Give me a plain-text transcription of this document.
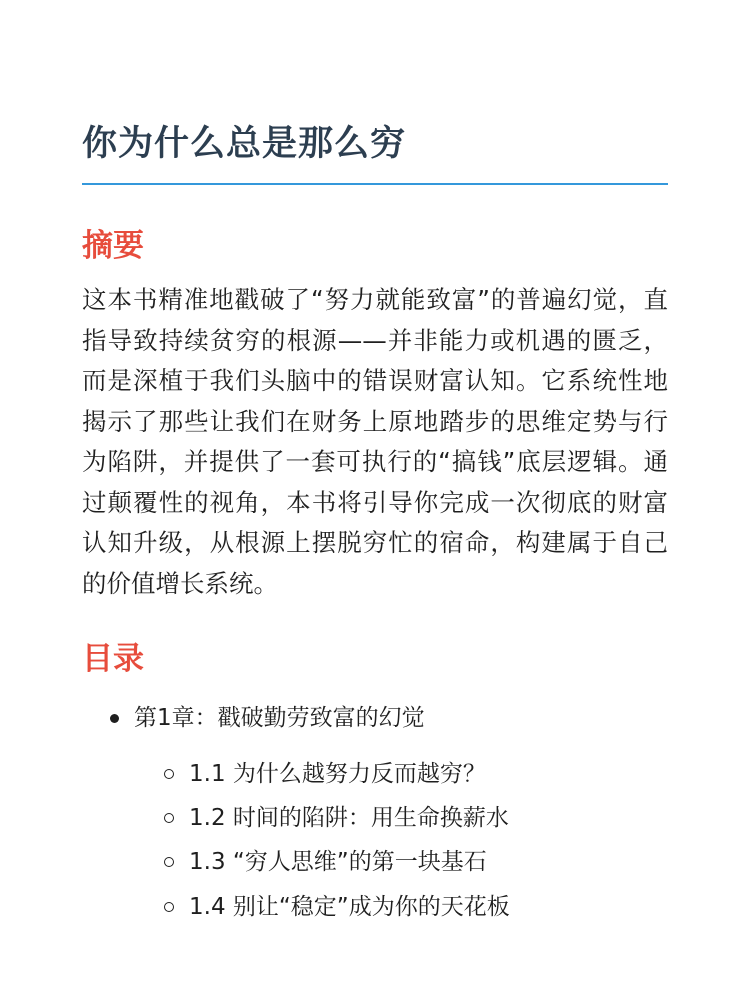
你为什么总是那么穷
摘要

这本书精准地戳破了“努力就能致富”的普遍幻觉，直指导致持续贫穷的根源——并非能力或机遇的匮乏，而是深植于我们头脑中的错误财富认知。它系统性地揭示了那些让我们在财务上原地踏步的思维定势与行为陷阱，并提供了一套可执行的“搞钱”底层逻辑。通过颠覆性的视角，本书将引导你完成一次彻底的财富认知升级，从根源上摆脱穷忙的宿命，构建属于自己的价值增长系统。

目录
第1章：戳破勤劳致富的幻觉
1.1 为什么越努力反而越穷？
1.2 时间的陷阱：用生命换薪水
1.3 “穷人思维”的第一块基石
1.4 别让“稳定”成为你的天花板
